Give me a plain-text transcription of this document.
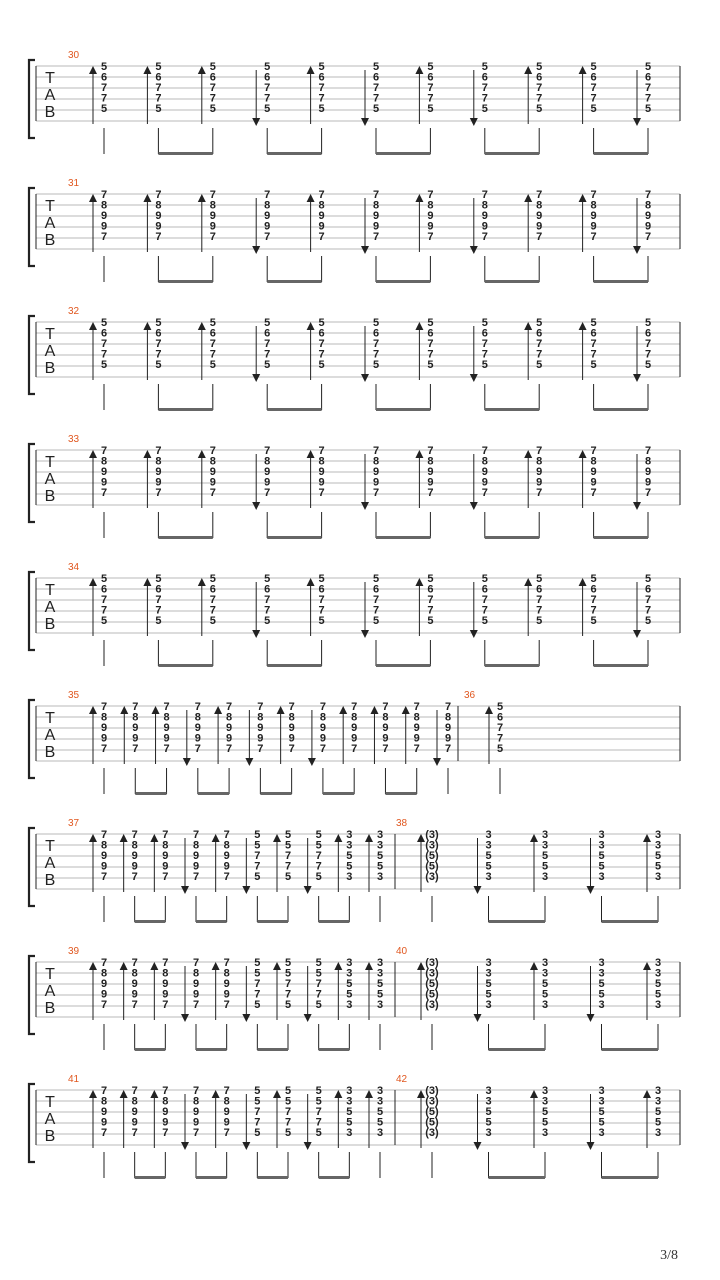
T
A
B
30
5
6
7
7
5
5
6
7
7
5
5
6
7
7
5
5
6
7
7
5
5
6
7
7
5
5
6
7
7
5
5
6
7
7
5
5
6
7
7
5
5
6
7
7
5
5
6
7
7
5
5
6
7
7
5
T
A
B
31
7
8
9
9
7
7
8
9
9
7
7
8
9
9
7
7
8
9
9
7
7
8
9
9
7
7
8
9
9
7
7
8
9
9
7
7
8
9
9
7
7
8
9
9
7
7
8
9
9
7
7
8
9
9
7
T
A
B
32
5
6
7
7
5
5
6
7
7
5
5
6
7
7
5
5
6
7
7
5
5
6
7
7
5
5
6
7
7
5
5
6
7
7
5
5
6
7
7
5
5
6
7
7
5
5
6
7
7
5
5
6
7
7
5
T
A
B
33
7
8
9
9
7
7
8
9
9
7
7
8
9
9
7
7
8
9
9
7
7
8
9
9
7
7
8
9
9
7
7
8
9
9
7
7
8
9
9
7
7
8
9
9
7
7
8
9
9
7
7
8
9
9
7
T
A
B
34
5
6
7
7
5
5
6
7
7
5
5
6
7
7
5
5
6
7
7
5
5
6
7
7
5
5
6
7
7
5
5
6
7
7
5
5
6
7
7
5
5
6
7
7
5
5
6
7
7
5
5
6
7
7
5
T
A
B
35
7
8
9
9
7
7
8
9
9
7
7
8
9
9
7
7
8
9
9
7
7
8
9
9
7
7
8
9
9
7
7
8
9
9
7
7
8
9
9
7
7
8
9
9
7
7
8
9
9
7
7
8
9
9
7
7
8
9
9
7
36
5
6
7
7
5
T
A
B
37
7
8
9
9
7
7
8
9
9
7
7
8
9
9
7
7
8
9
9
7
7
8
9
9
7
5
5
7
7
5
5
5
7
7
5
5
5
7
7
5
3
3
5
5
3
3
3
5
5
3
38
(3)
(3)
(5)
(5)
(3)
3
3
5
5
3
3
3
5
5
3
3
3
5
5
3
3
3
5
5
3
T
A
B
39
7
8
9
9
7
7
8
9
9
7
7
8
9
9
7
7
8
9
9
7
7
8
9
9
7
5
5
7
7
5
5
5
7
7
5
5
5
7
7
5
3
3
5
5
3
3
3
5
5
3
40
(3)
(3)
(5)
(5)
(3)
3
3
5
5
3
3
3
5
5
3
3
3
5
5
3
3
3
5
5
3
T
A
B
41
7
8
9
9
7
7
8
9
9
7
7
8
9
9
7
7
8
9
9
7
7
8
9
9
7
5
5
7
7
5
5
5
7
7
5
5
5
7
7
5
3
3
5
5
3
3
3
5
5
3
42
(3)
(3)
(5)
(5)
(3)
3
3
5
5
3
3
3
5
5
3
3
3
5
5
3
3
3
5
5
3
3/8
